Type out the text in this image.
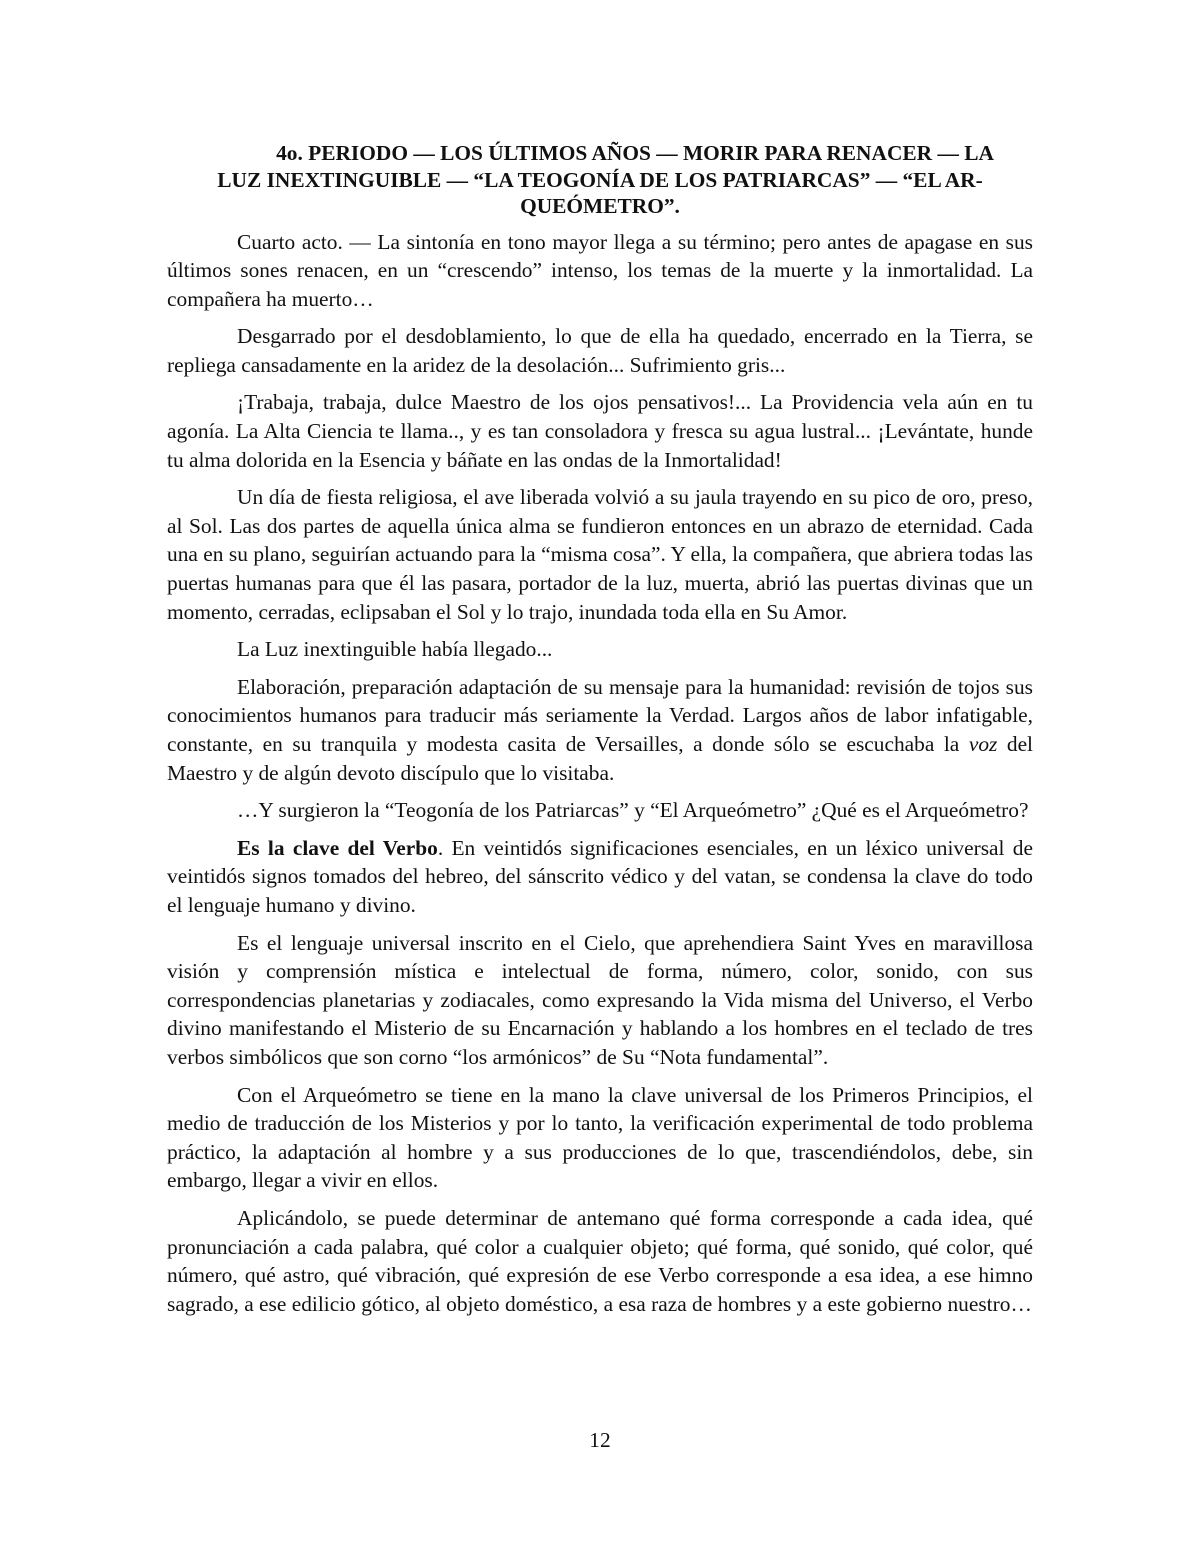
4o. PERIODO — LOS ÚLTIMOS AÑOS — MORIR PARA RENACER — LA
LUZ INEXTINGUIBLE — “LA TEOGONÍA DE LOS PATRIARCAS” — “EL AR-
QUEÓMETRO”.

Cuarto acto. — La sintonía en tono mayor llega a su término; pero antes de apagase en sus últimos sones renacen, en un “crescendo” intenso, los temas de la muerte y la inmortalidad. La compañera ha muerto…

Desgarrado por el desdoblamiento, lo que de ella ha quedado, encerrado en la Tierra, se repliega cansadamente en la aridez de la desolación... Sufrimiento gris...

¡Trabaja, trabaja, dulce Maestro de los ojos pensativos!... La Providencia vela aún en tu agonía. La Alta Ciencia te llama.., y es tan consoladora y fresca su agua lustral... ¡Levántate, hunde tu alma dolorida en la Esencia y báñate en las ondas de la Inmortalidad!

Un día de fiesta religiosa, el ave liberada volvió a su jaula trayendo en su pico de oro, preso, al Sol. Las dos partes de aquella única alma se fundieron entonces en un abrazo de eternidad. Cada una en su plano, seguirían actuando para la “misma cosa”. Y ella, la compañera, que abriera todas las puertas humanas para que él las pasara, portador de la luz, muerta, abrió las puertas divinas que un momento, cerradas, eclipsaban el Sol y lo trajo, inundada toda ella en Su Amor.

La Luz inextinguible había llegado...

Elaboración, preparación adaptación de su mensaje para la humanidad: revisión de tojos sus conocimientos humanos para traducir más seriamente la Verdad. Largos años de labor infatigable, constante, en su tranquila y modesta casita de Versailles, a donde sólo se escuchaba la voz del Maestro y de algún devoto discípulo que lo visitaba.

…Y surgieron la “Teogonía de los Patriarcas” y “El Arqueómetro” ¿Qué es el Arqueómetro?

Es la clave del Verbo. En veintidós significaciones esenciales, en un léxico universal de veintidós signos tomados del hebreo, del sánscrito védico y del vatan, se condensa la clave do todo el lenguaje humano y divino.

Es el lenguaje universal inscrito en el Cielo, que aprehendiera Saint Yves en maravillosa visión y comprensión mística e intelectual de forma, número, color, sonido, con sus correspondencias planetarias y zodiacales, como expresando la Vida misma del Universo, el Verbo divino manifestando el Misterio de su Encarnación y hablando a los hombres en el teclado de tres verbos simbólicos que son corno “los armónicos” de Su “Nota fundamental”.

Con el Arqueómetro se tiene en la mano la clave universal de los Primeros Principios, el medio de traducción de los Misterios y por lo tanto, la verificación experimental de todo problema práctico, la adaptación al hombre y a sus producciones de lo que, trascendiéndolos, debe, sin embargo, llegar a vivir en ellos.

Aplicándolo, se puede determinar de antemano qué forma corresponde a cada idea, qué pronunciación a cada palabra, qué color a cualquier objeto; qué forma, qué sonido, qué color, qué número, qué astro, qué vibración, qué expresión de ese Verbo corresponde a esa idea, a ese himno sagrado, a ese edilicio gótico, al objeto doméstico, a esa raza de hombres y a este gobierno nuestro…

12
